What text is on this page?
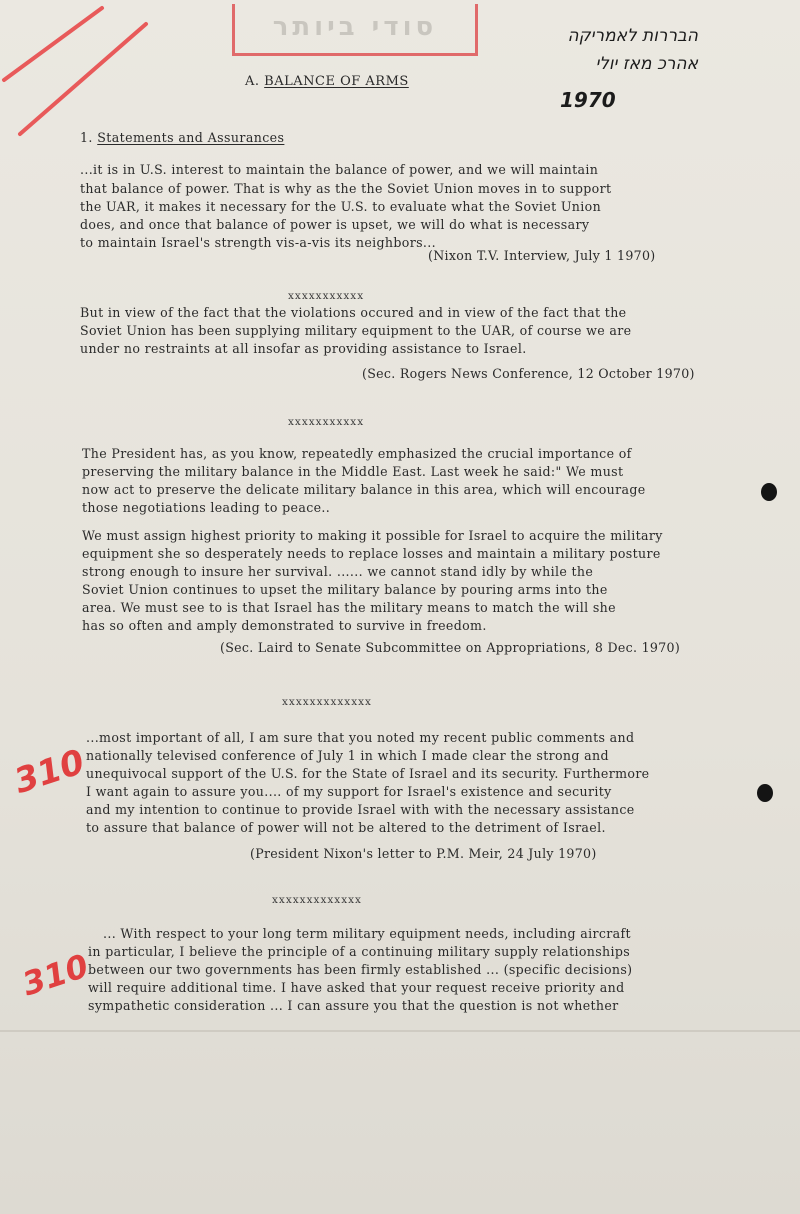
סודי ביותר	הבררות לאמריקה
אהרכ מאז יולי
1970
A. BALANCE OF ARMS
1. Statements and Assurances
...it is in U.S. interest to maintain the balance of power, and we will maintain
that balance of power. That is why as the the Soviet Union moves in to support
the UAR, it makes it necessary for the U.S. to evaluate what the Soviet Union
does, and once that balance of power is upset, we will do what is necessary
to maintain Israel's strength vis-a-vis its neighbors...
(Nixon T.V. Interview, July 1 1970)
xxxxxxxxxxx
But in view of the fact that the violations occured and in view of the fact that the
Soviet Union has been supplying military equipment to the UAR, of course we are
under no restraints at all insofar as providing assistance to Israel.
(Sec. Rogers News Conference, 12 October 1970)
xxxxxxxxxxx
The President has, as you know, repeatedly emphasized the crucial importance of
preserving the military balance in the Middle East. Last week he said:" We must
now act to preserve the delicate military balance in this area, which will encourage
those negotiations leading to peace..
We must assign highest priority to making it possible for Israel to acquire the military
equipment she so desperately needs to replace losses and maintain a military posture
strong enough to insure her survival. ...... we cannot stand idly by while the
Soviet Union continues to upset the military balance by pouring arms into the
area. We must see to is that Israel has the military means to match the will she
has so often and amply demonstrated to survive in freedom.
(Sec. Laird to Senate Subcommittee on Appropriations, 8 Dec. 1970)
xxxxxxxxxxxxx
...most important of all, I am sure that you noted my recent public comments and
nationally televised conference of July 1 in which I made clear the strong and
unequivocal support of the U.S. for the State of Israel and its security. Furthermore
I want again to assure you.... of my support for Israel's existence and security
and my intention to continue to provide Israel with with the necessary assistance
to assure that balance of power will not be altered to the detriment of Israel.
(President Nixon's letter to P.M. Meir, 24 July 1970)
xxxxxxxxxxxxx
... With respect to your long term military equipment needs, including aircraft
in particular, I believe the principle of a continuing military supply relationships
between our two governments has been firmly established ... (specific decisions)
will require additional time. I have asked that your request receive priority and
sympathetic consideration ... I can assure you that the question is not whether
310
310
